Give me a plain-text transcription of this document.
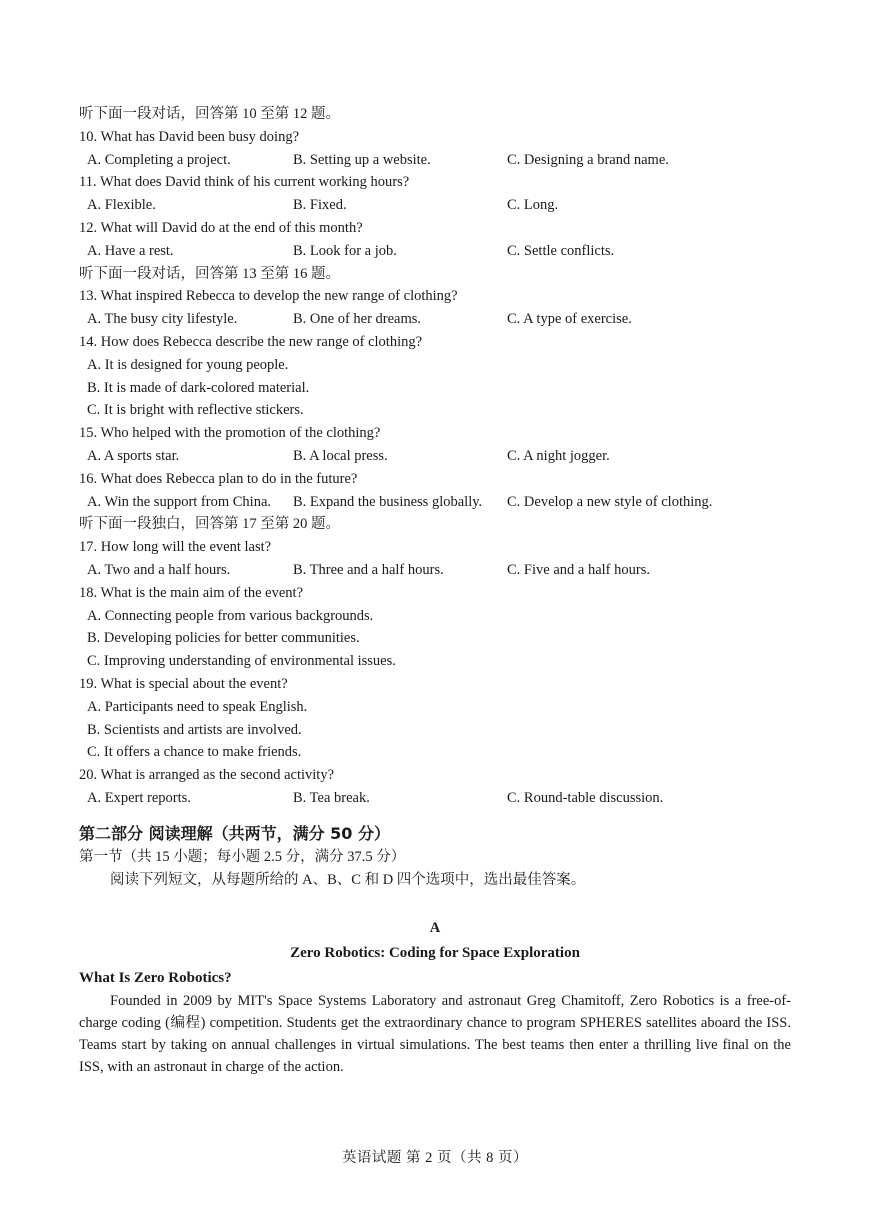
听下面一段对话，回答第 10 至第 12 题。
10. What has David been busy doing?
A. Completing a project.	B. Setting up a website.	C. Designing a brand name.
11. What does David think of his current working hours?
A. Flexible.	B. Fixed.	C. Long.
12. What will David do at the end of this month?
A. Have a rest.	B. Look for a job.	C. Settle conflicts.
听下面一段对话，回答第 13 至第 16 题。
13. What inspired Rebecca to develop the new range of clothing?
A. The busy city lifestyle.	B. One of her dreams.	C. A type of exercise.
14. How does Rebecca describe the new range of clothing?
A. It is designed for young people.
B. It is made of dark-colored material.
C. It is bright with reflective stickers.
15. Who helped with the promotion of the clothing?
A. A sports star.	B. A local press.	C. A night jogger.
16. What does Rebecca plan to do in the future?
A. Win the support from China.	B. Expand the business globally.	C. Develop a new style of clothing.
听下面一段独白，回答第 17 至第 20 题。
17. How long will the event last?
A. Two and a half hours.	B. Three and a half hours.	C. Five and a half hours.
18. What is the main aim of the event?
A. Connecting people from various backgrounds.
B. Developing policies for better communities.
C. Improving understanding of environmental issues.
19. What is special about the event?
A. Participants need to speak English.
B. Scientists and artists are involved.
C. It offers a chance to make friends.
20. What is arranged as the second activity?
A. Expert reports.	B. Tea break.	C. Round-table discussion.
第二部分 阅读理解（共两节，满分 50 分）
第一节（共 15 小题；每小题 2.5 分，满分 37.5 分）
阅读下列短文，从每题所给的 A、B、C 和 D 四个选项中，选出最佳答案。
A
Zero Robotics: Coding for Space Exploration
What Is Zero Robotics?
Founded in 2009 by MIT's Space Systems Laboratory and astronaut Greg Chamitoff, Zero Robotics is a free-of-charge coding (编程) competition. Students get the extraordinary chance to program SPHERES satellites aboard the ISS. Teams start by taking on annual challenges in virtual simulations. The best teams then enter a thrilling live final on the ISS, with an astronaut in charge of the action.
英语试题 第 2 页（共 8 页）
